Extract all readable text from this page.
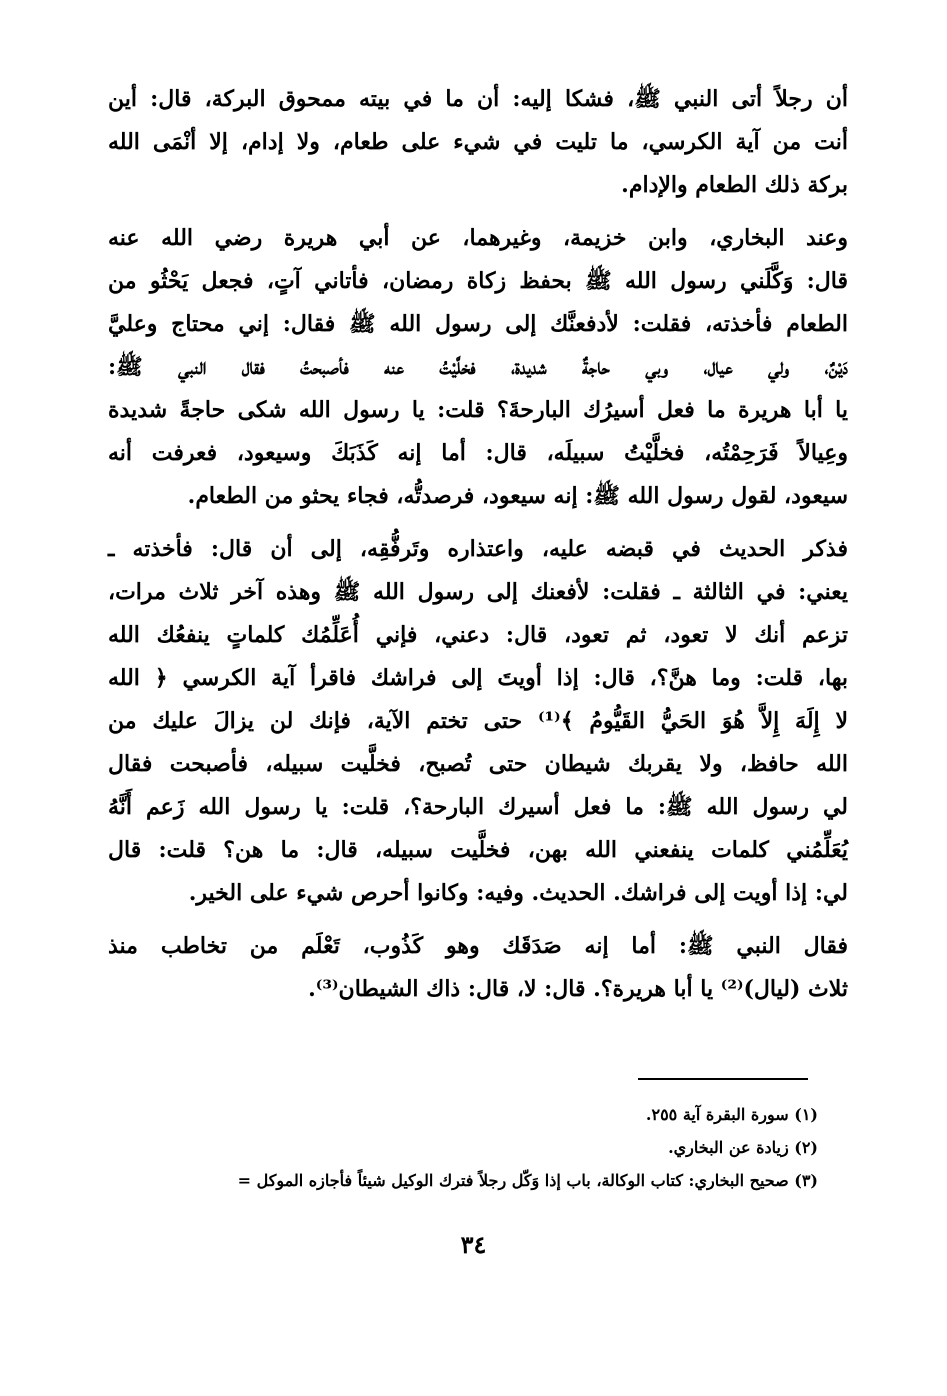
أن رجلاً أتى النبي ﷺ، فشكا إليه: أن ما في بيته ممحوق البركة، قال: أين
أنت من آية الكرسي، ما تليت في شيء على طعام، ولا إدام، إلا أنْمَى الله
بركة ذلك الطعام والإدام.
وعند البخاري، وابن خزيمة، وغيرهما، عن أبي هريرة رضي الله عنه
قال: وَكَّلَني رسول الله ﷺ بحفظ زكاة رمضان، فأتاني آتٍ، فجعل يَحْثُو من
الطعام فأخذته، فقلت: لأدفعنَّك إلى رسول الله ﷺ فقال: إني محتاج وعليَّ
دَيْنٌ، ولي عيال، وبي حاجةٌ شديدة، فخلَّيْتُ عنه فأصبحتُ فقال النبي ﷺ:
يا أبا هريرة ما فعل أسيرُك البارحةَ؟ قلت: يا رسول الله شكى حاجةً شديدة
وعِيالاً فَرَحِمْتُه، فخلَّيْتُ سبيلَه، قال: أما إنه كَذَبَكَ وسيعود، فعرفت أنه
سيعود، لقول رسول الله ﷺ: إنه سيعود، فرصدتُّه، فجاء يحثو من الطعام.
فذكر الحديث في قبضه عليه، واعتذاره وتَرفُّقِه، إلى أن قال: فأخذته ـ
يعني: في الثالثة ـ فقلت: لأفعنك إلى رسول الله ﷺ وهذه آخر ثلاث مرات،
تزعم أنك لا تعود، ثم تعود، قال: دعني، فإني أُعَلِّمُك كلماتٍ ينفعُك الله
بها، قلت: وما هنَّ؟، قال: إذا أويتَ إلى فراشك فاقرأ آية الكرسي ﴿ الله
لا إِلَهَ إِلاَّ هُوَ الحَيُّ القَيُّومُ ﴾⁽¹⁾ حتى تختم الآية، فإنك لن يزالَ عليك من
الله حافظ، ولا يقربك شيطان حتى تُصبح، فخلَّيت سبيله، فأصبحت فقال
لي رسول الله ﷺ: ما فعل أسيرك البارحة؟، قلت: يا رسول الله زَعم أَنَّهُ
يُعَلِّمُني كلمات ينفعني الله بهن، فخلَّيت سبيله، قال: ما هن؟ قلت: قال
لي: إذا أويت إلى فراشك. الحديث. وفيه: وكانوا أحرص شيء على الخير.
فقال النبي ﷺ: أما إنه صَدَقَك وهو كَذُوب، تَعْلَم من تخاطب منذ
ثلاث (ليال)⁽²⁾ يا أبا هريرة؟. قال: لا، قال: ذاك الشيطان⁽³⁾.
(١) سورة البقرة آية ٢٥٥.
(٢) زيادة عن البخاري.
(٣) صحيح البخاري: كتاب الوكالة، باب إذا وَكّل رجلاً فترك الوكيل شيئاً فأجازه الموكل =
٣٤
